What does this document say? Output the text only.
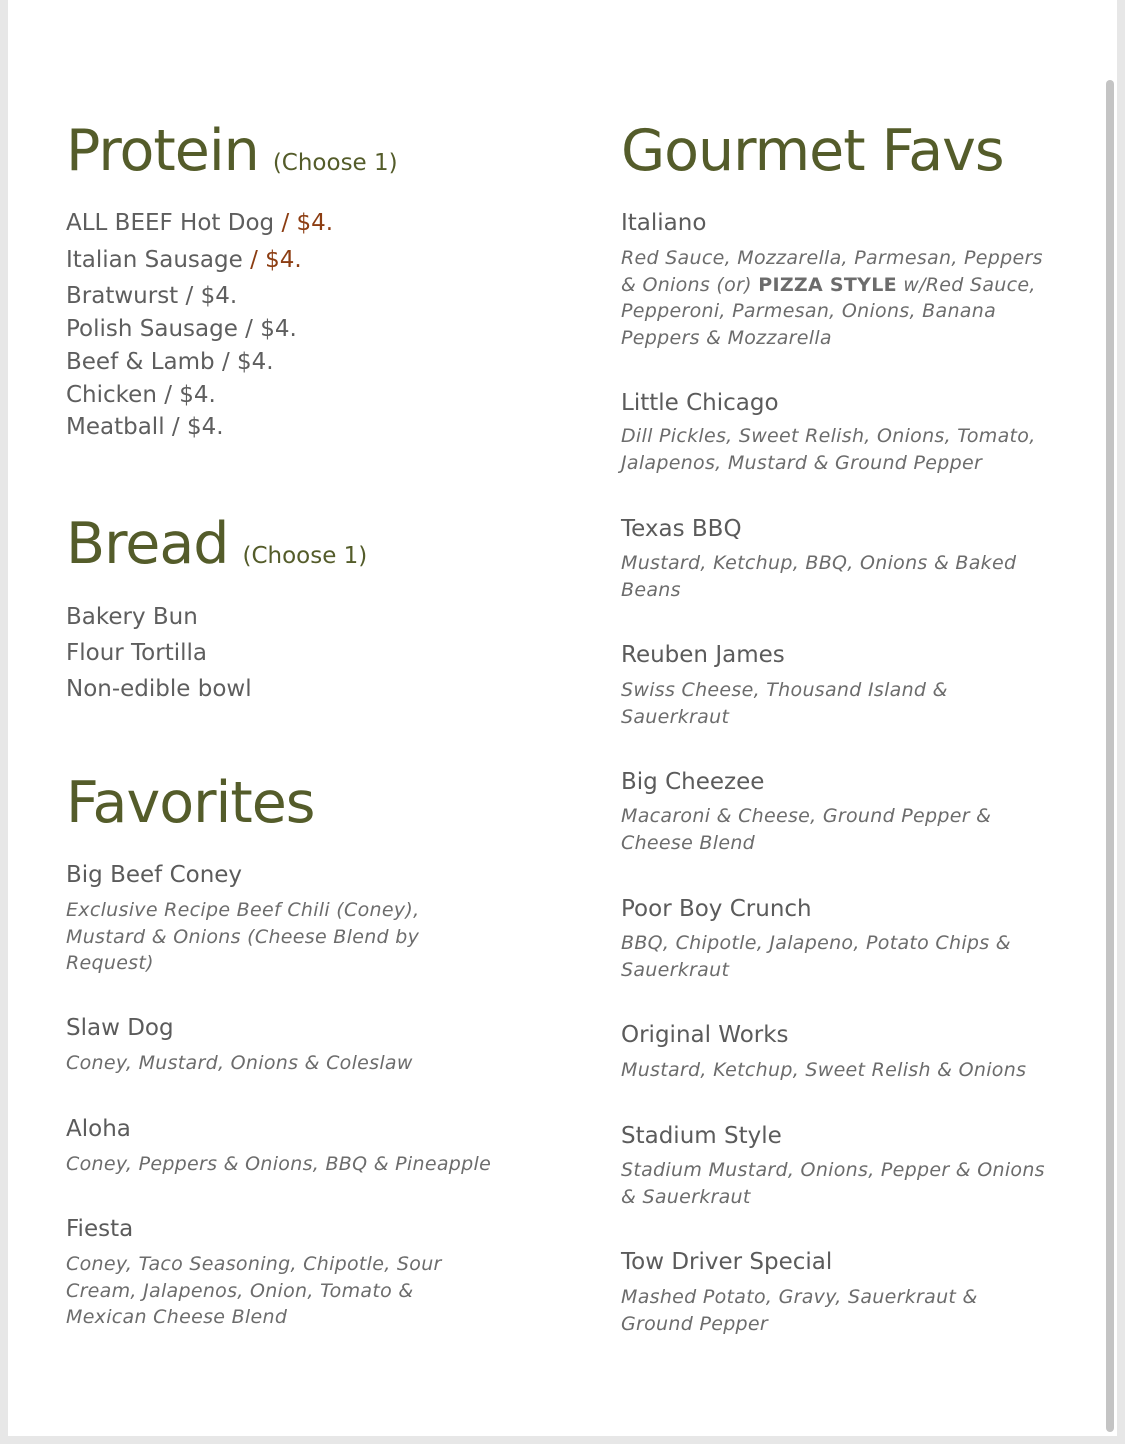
Protein (Choose 1)
ALL BEEF Hot Dog / $4.
Italian Sausage / $4.
Bratwurst / $4.
Polish Sausage / $4.
Beef & Lamb / $4.
Chicken / $4.
Meatball / $4.
Bread (Choose 1)
Bakery Bun
Flour Tortilla
Non-edible bowl
Favorites
Big Beef Coney

Exclusive Recipe Beef Chili (Coney),
Mustard & Onions (Cheese Blend by
Request)

Slaw Dog

Coney, Mustard, Onions & Coleslaw

Aloha

Coney, Peppers & Onions, BBQ & Pineapple

Fiesta

Coney, Taco Seasoning, Chipotle, Sour
Cream, Jalapenos, Onion, Tomato &
Mexican Cheese Blend

Gourmet Favs
Italiano

Red Sauce, Mozzarella, Parmesan, Peppers
& Onions (or) PIZZA STYLE w/Red Sauce,
Pepperoni, Parmesan, Onions, Banana
Peppers & Mozzarella

Little Chicago

Dill Pickles, Sweet Relish, Onions, Tomato,
Jalapenos, Mustard & Ground Pepper

Texas BBQ

Mustard, Ketchup, BBQ, Onions & Baked
Beans

Reuben James

Swiss Cheese, Thousand Island &
Sauerkraut

Big Cheezee

Macaroni & Cheese, Ground Pepper &
Cheese Blend

Poor Boy Crunch

BBQ, Chipotle, Jalapeno, Potato Chips &
Sauerkraut

Original Works

Mustard, Ketchup, Sweet Relish & Onions

Stadium Style

Stadium Mustard, Onions, Pepper & Onions
& Sauerkraut

Tow Driver Special

Mashed Potato, Gravy, Sauerkraut &
Ground Pepper
